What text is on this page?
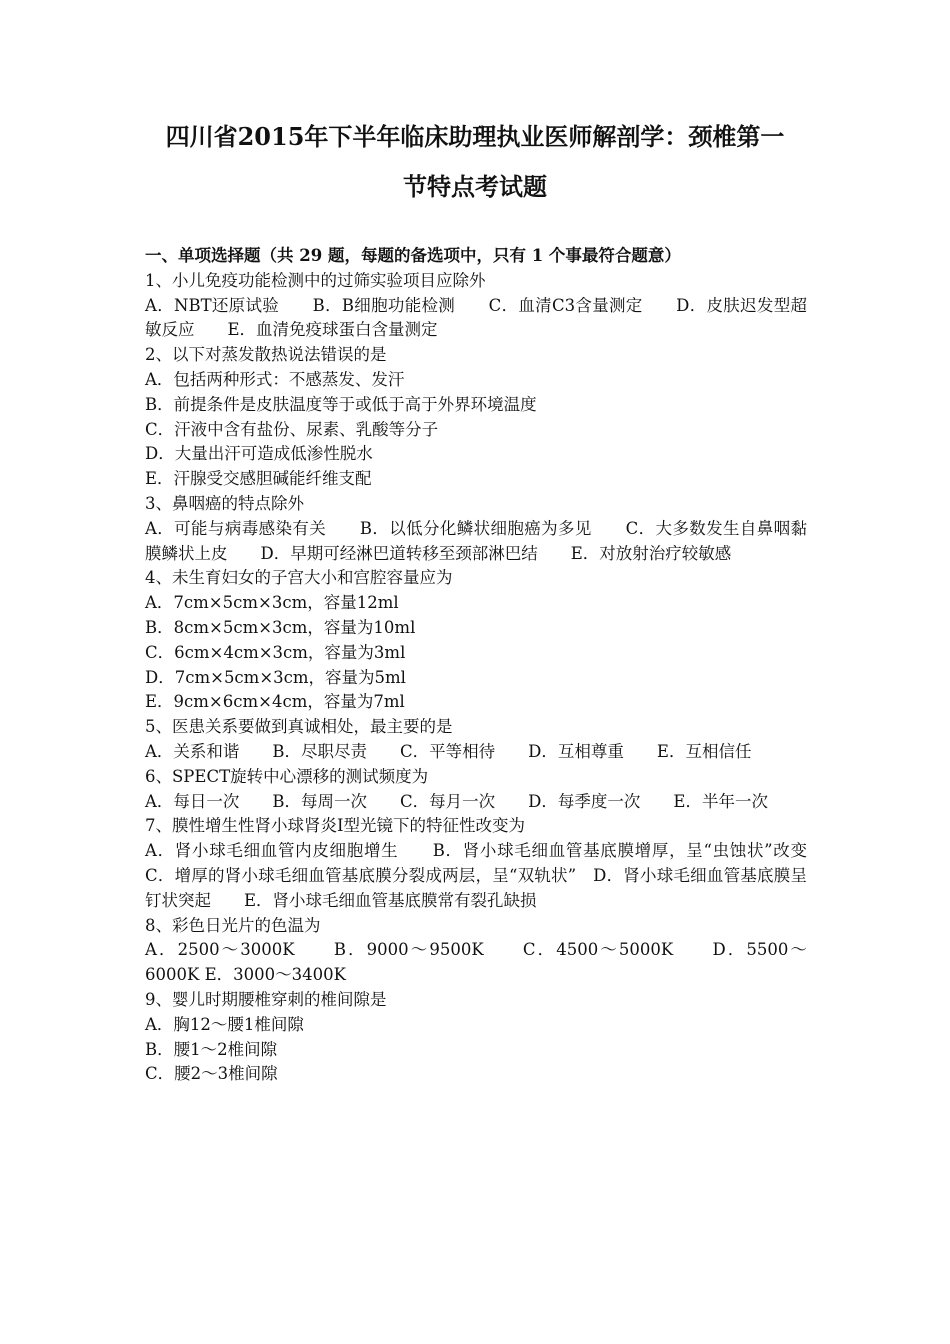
四川省2015年下半年临床助理执业医师解剖学：颈椎第一
节特点考试题
一、单项选择题（共 29 题，每题的备选项中，只有 1 个事最符合题意）
1、小儿免疫功能检测中的过筛实验项目应除外
A．NBT还原试验　　B．B细胞功能检测　　C．血清C3含量测定　　D．皮肤迟发型超敏反应　　E．血清免疫球蛋白含量测定
2、以下对蒸发散热说法错误的是
A．包括两种形式：不感蒸发、发汗
B．前提条件是皮肤温度等于或低于高于外界环境温度
C．汗液中含有盐份、尿素、乳酸等分子
D．大量出汗可造成低渗性脱水
E．汗腺受交感胆碱能纤维支配
3、鼻咽癌的特点除外
A．可能与病毒感染有关　　B．以低分化鳞状细胞癌为多见　　C．大多数发生自鼻咽黏膜鳞状上皮　　D．早期可经淋巴道转移至颈部淋巴结　　E．对放射治疗较敏感
4、未生育妇女的子宫大小和宫腔容量应为
A．7cm×5cm×3cm，容量12ml
B．8cm×5cm×3cm，容量为10ml
C．6cm×4cm×3cm，容量为3ml
D．7cm×5cm×3cm，容量为5ml
E．9cm×6cm×4cm，容量为7ml
5、医患关系要做到真诚相处，最主要的是
A．关系和谐　　B．尽职尽责　　C．平等相待　　D．互相尊重　　E．互相信任
6、SPECT旋转中心漂移的测试频度为
A．每日一次　　B．每周一次　　C．每月一次　　D．每季度一次　　E．半年一次
7、膜性增生性肾小球肾炎Ⅰ型光镜下的特征性改变为
A．肾小球毛细血管内皮细胞增生　　B．肾小球毛细血管基底膜增厚，呈“虫蚀状”改变　　C．增厚的肾小球毛细血管基底膜分裂成两层，呈“双轨状”　D．肾小球毛细血管基底膜呈钉状突起　　E．肾小球毛细血管基底膜常有裂孔缺损
8、彩色日光片的色温为
A．2500～3000K　　B．9000～9500K　　C．4500～5000K　　D．5500～6000K E．3000～3400K
9、婴儿时期腰椎穿刺的椎间隙是
A．胸12～腰1椎间隙
B．腰1～2椎间隙
C．腰2～3椎间隙
